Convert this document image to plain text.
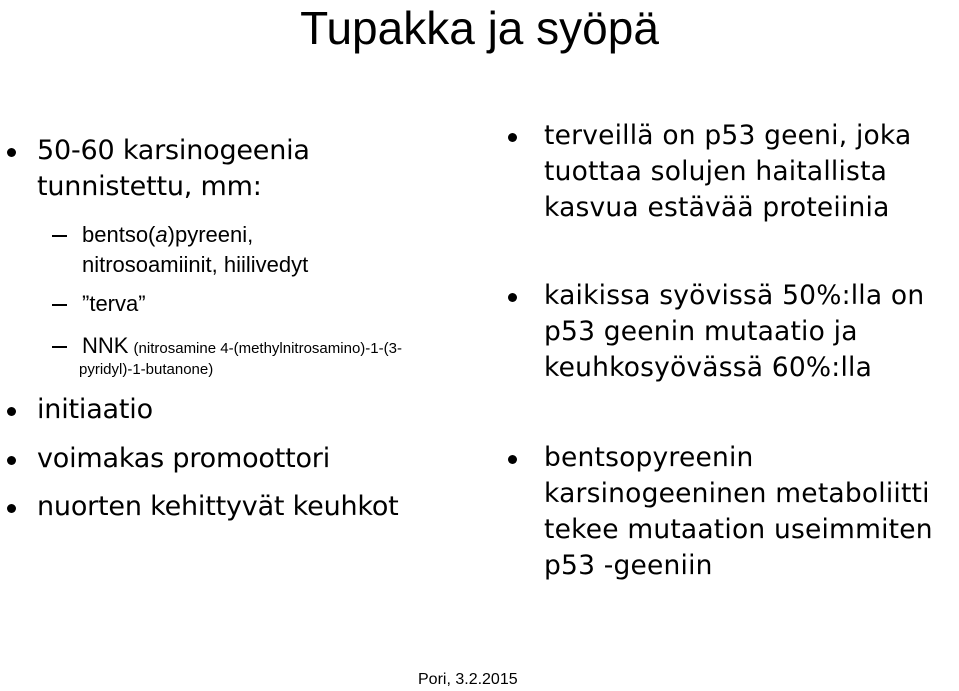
Tupakka ja syöpä
50-60 karsinogeenia
tunnistettu, mm:
bentso(a)pyreeni,
nitrosoamiinit, hiilivedyt
”terva”
NNK (nitrosamine 4-(methylnitrosamino)-1-(3-
pyridyl)-1-butanone)
initiaatio
voimakas promoottori
nuorten kehittyvät keuhkot
terveillä on p53 geeni, joka
tuottaa solujen haitallista
kasvua estävää proteiinia
kaikissa syövissä 50%:lla on
p53 geenin mutaatio ja
keuhkosyövässä 60%:lla
bentsopyreenin
karsinogeeninen metaboliitti
tekee mutaation useimmiten
p53 -geeniin
Pori, 3.2.2015
